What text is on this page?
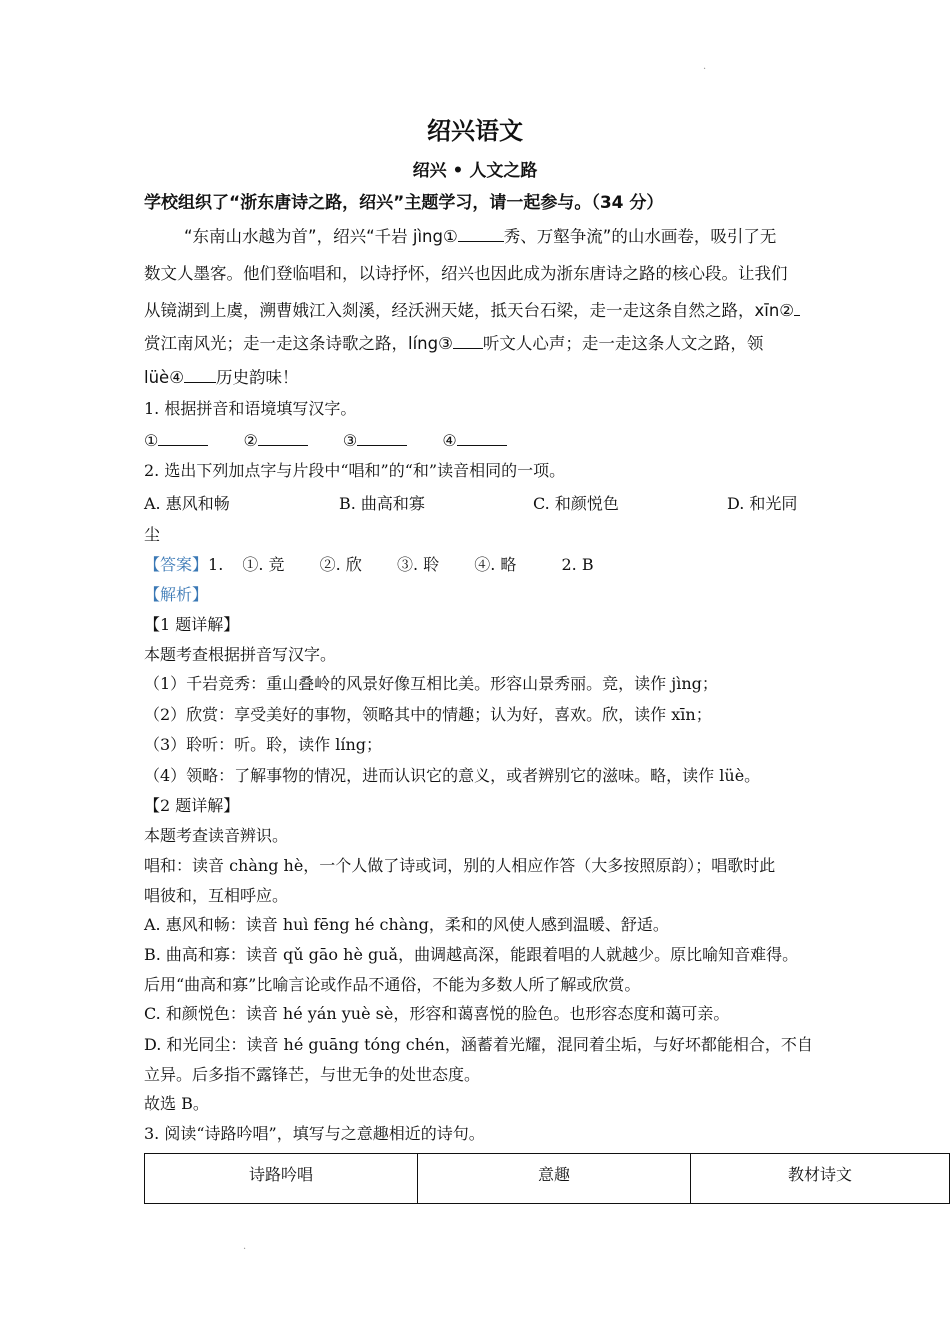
·
绍兴语文
绍兴 • 人文之路
学校组织了“浙东唐诗之路，绍兴”主题学习，请一起参与。（34 分）
“东南山水越为首”，绍兴“千岩 jìng①	秀、万壑争流”的山水画卷，吸引了无
数文人墨客。他们登临唱和，以诗抒怀，绍兴也因此成为浙东唐诗之路的核心段。让我们
从镜湖到上虞，溯曹娥江入剡溪，经沃洲天姥，抵天台石梁，走一走这条自然之路，xīn②
赏江南风光；走一走这条诗歌之路，líng③ 听文人心声；走一走这条人文之路，领
lüè④ 历史韵味！
1. 根据拼音和语境填写汉字。
①	②	③	④
2. 选出下列加点字与片段中“唱和”的“和”读音相同的一项。
A. 惠风和畅	B. 曲高和寡	C. 和颜悦色	D. 和光同
尘
【答案】1. ①. 竞 ②. 欣 ③. 聆 ④. 略	2. B
【解析】
【1 题详解】
本题考查根据拼音写汉字。
（1）千岩竞秀：重山叠岭的风景好像互相比美。形容山景秀丽。竞，读作 jìng；
（2）欣赏：享受美好的事物，领略其中的情趣；认为好，喜欢。欣，读作 xīn；
（3）聆听：听。聆，读作 líng；
（4）领略：了解事物的情况，进而认识它的意义，或者辨别它的滋味。略，读作 lüè。
【2 题详解】
本题考查读音辨识。
唱和：读音 chàng hè，一个人做了诗或词，别的人相应作答（大多按照原韵）；唱歌时此
唱彼和，互相呼应。
A. 惠风和畅：读音 huì fēng hé chàng，柔和的风使人感到温暖、舒适。
B. 曲高和寡：读音 qǔ gāo hè guǎ，曲调越高深，能跟着唱的人就越少。原比喻知音难得。
后用“曲高和寡”比喻言论或作品不通俗，不能为多数人所了解或欣赏。
C. 和颜悦色：读音 hé yán yuè sè，形容和蔼喜悦的脸色。也形容态度和蔼可亲。
D. 和光同尘：读音 hé guāng tóng chén，涵蓄着光耀，混同着尘垢，与好坏都能相合，不自
立异。后多指不露锋芒，与世无争的处世态度。
故选 B。
3. 阅读“诗路吟唱”，填写与之意趣相近的诗句。
诗路吟唱	意趣	教材诗文
·
